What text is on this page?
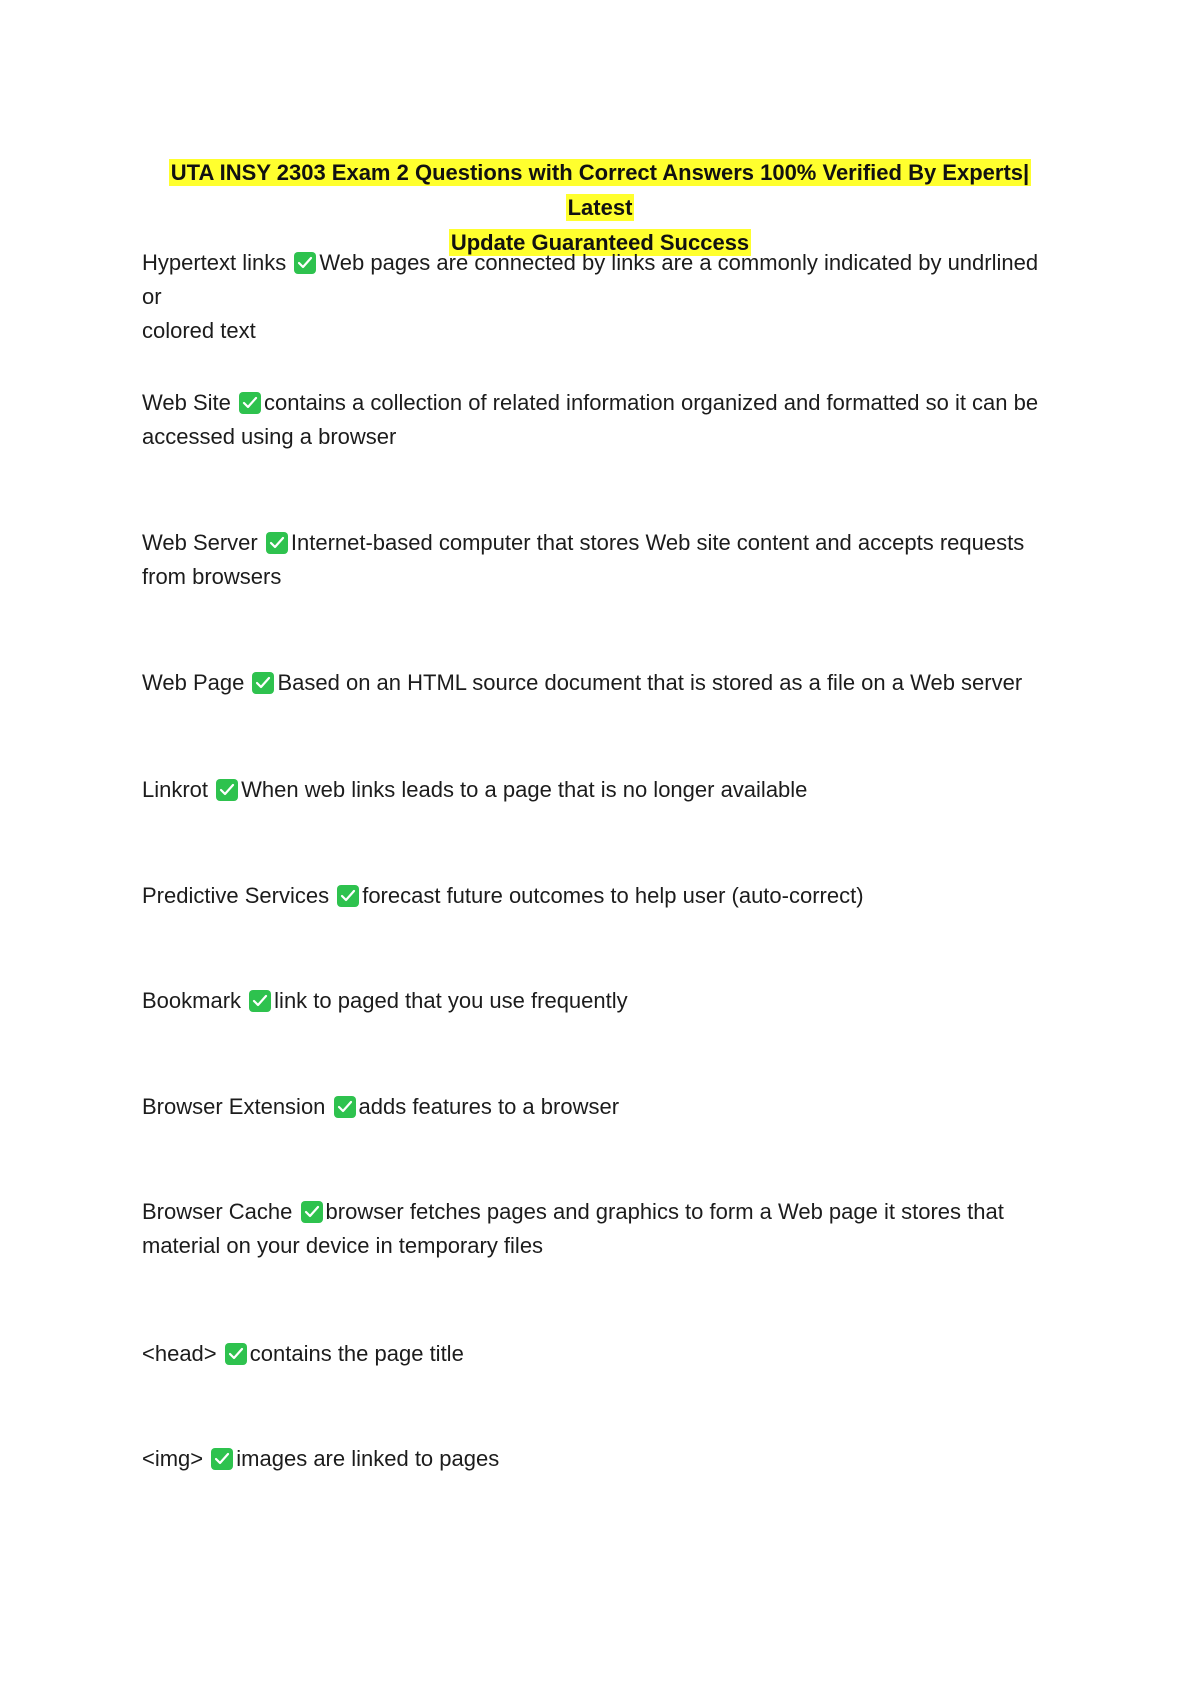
UTA INSY 2303 Exam 2 Questions with Correct Answers 100% Verified By Experts| Latest
Update Guaranteed Success
Hypertext links Web pages are connected by links are a commonly indicated by undrlined or
colored text
Web Site contains a collection of related information organized and formatted so it can be
accessed using a browser
Web Server Internet-based computer that stores Web site content and accepts requests
from browsers
Web Page Based on an HTML source document that is stored as a file on a Web server
Linkrot When web links leads to a page that is no longer available
Predictive Services forecast future outcomes to help user (auto-correct)
Bookmark link to paged that you use frequently
Browser Extension adds features to a browser
Browser Cache browser fetches pages and graphics to form a Web page it stores that
material on your device in temporary files
<head> contains the page title
<img> images are linked to pages
